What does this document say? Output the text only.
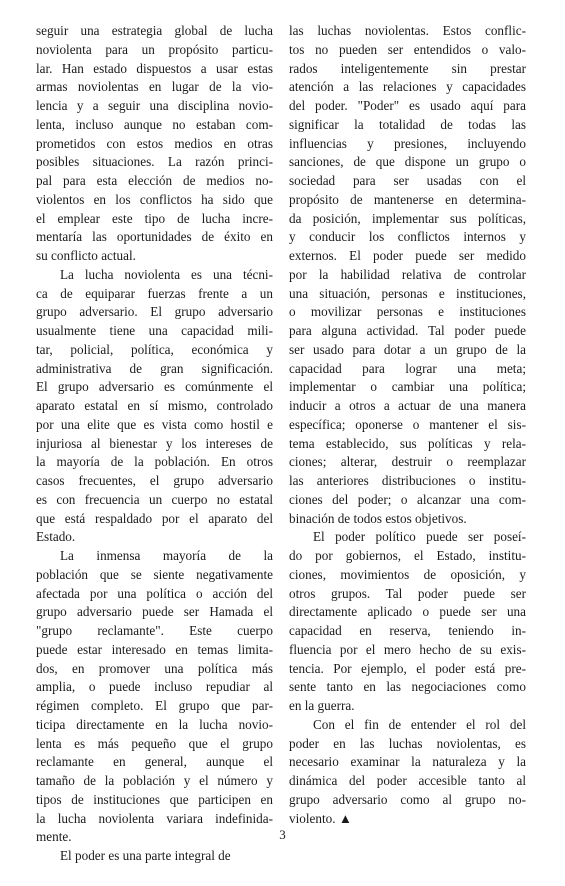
seguir una estrategia global de lucha
noviolenta para un propósito particu-
lar. Han estado dispuestos a usar estas
armas noviolentas en lugar de la vio-
lencia y a seguir una disciplina novio-
lenta, incluso aunque no estaban com-
prometidos con estos medios en otras
posibles situaciones. La razón princi-
pal para esta elección de medios no-
violentos en los conflictos ha sido que
el emplear este tipo de lucha incre-
mentaría las oportunidades de éxito en
su conflicto actual.
La lucha noviolenta es una técni-
ca de equiparar fuerzas frente a un
grupo adversario. El grupo adversario
usualmente tiene una capacidad mili-
tar, policial, política, económica y
administrativa de gran significación.
El grupo adversario es comúnmente el
aparato estatal en sí mismo, controlado
por una elite que es vista como hostil e
injuriosa al bienestar y los intereses de
la mayoría de la población. En otros
casos frecuentes, el grupo adversario
es con frecuencia un cuerpo no estatal
que está respaldado por el aparato del
Estado.
La inmensa mayoría de la
población que se siente negativamente
afectada por una política o acción del
grupo adversario puede ser Hamada el
"grupo reclamante". Este cuerpo
puede estar interesado en temas limita-
dos, en promover una política más
amplia, o puede incluso repudiar al
régimen completo. El grupo que par-
ticipa directamente en la lucha novio-
lenta es más pequeño que el grupo
reclamante en general, aunque el
tamaño de la población y el número y
tipos de instituciones que participen en
la lucha noviolenta variara indefinida-
mente.
El poder es una parte integral de
las luchas noviolentas. Estos conflic-
tos no pueden ser entendidos o valo-
rados inteligentemente sin prestar
atención a las relaciones y capacidades
del poder. "Poder" es usado aquí para
significar la totalidad de todas las
influencias y presiones, incluyendo
sanciones, de que dispone un grupo o
sociedad para ser usadas con el
propósito de mantenerse en determina-
da posición, implementar sus políticas,
y conducir los conflictos internos y
externos. El poder puede ser medido
por la habilidad relativa de controlar
una situación, personas e instituciones,
o movilizar personas e instituciones
para alguna actividad. Tal poder puede
ser usado para dotar a un grupo de la
capacidad para lograr una meta;
implementar o cambiar una política;
inducir a otros a actuar de una manera
específica; oponerse o mantener el sis-
tema establecido, sus políticas y rela-
ciones; alterar, destruir o reemplazar
las anteriores distribuciones o institu-
ciones del poder; o alcanzar una com-
binación de todos estos objetivos.
El poder político puede ser poseí-
do por gobiernos, el Estado, institu-
ciones, movimientos de oposición, y
otros grupos. Tal poder puede ser
directamente aplicado o puede ser una
capacidad en reserva, teniendo in-
fluencia por el mero hecho de su exis-
tencia. Por ejemplo, el poder está pre-
sente tanto en las negociaciones como
en la guerra.
Con el fin de entender el rol del
poder en las luchas noviolentas, es
necesario examinar la naturaleza y la
dinámica del poder accesible tanto al
grupo adversario como al grupo no-
violento. ▲
3
